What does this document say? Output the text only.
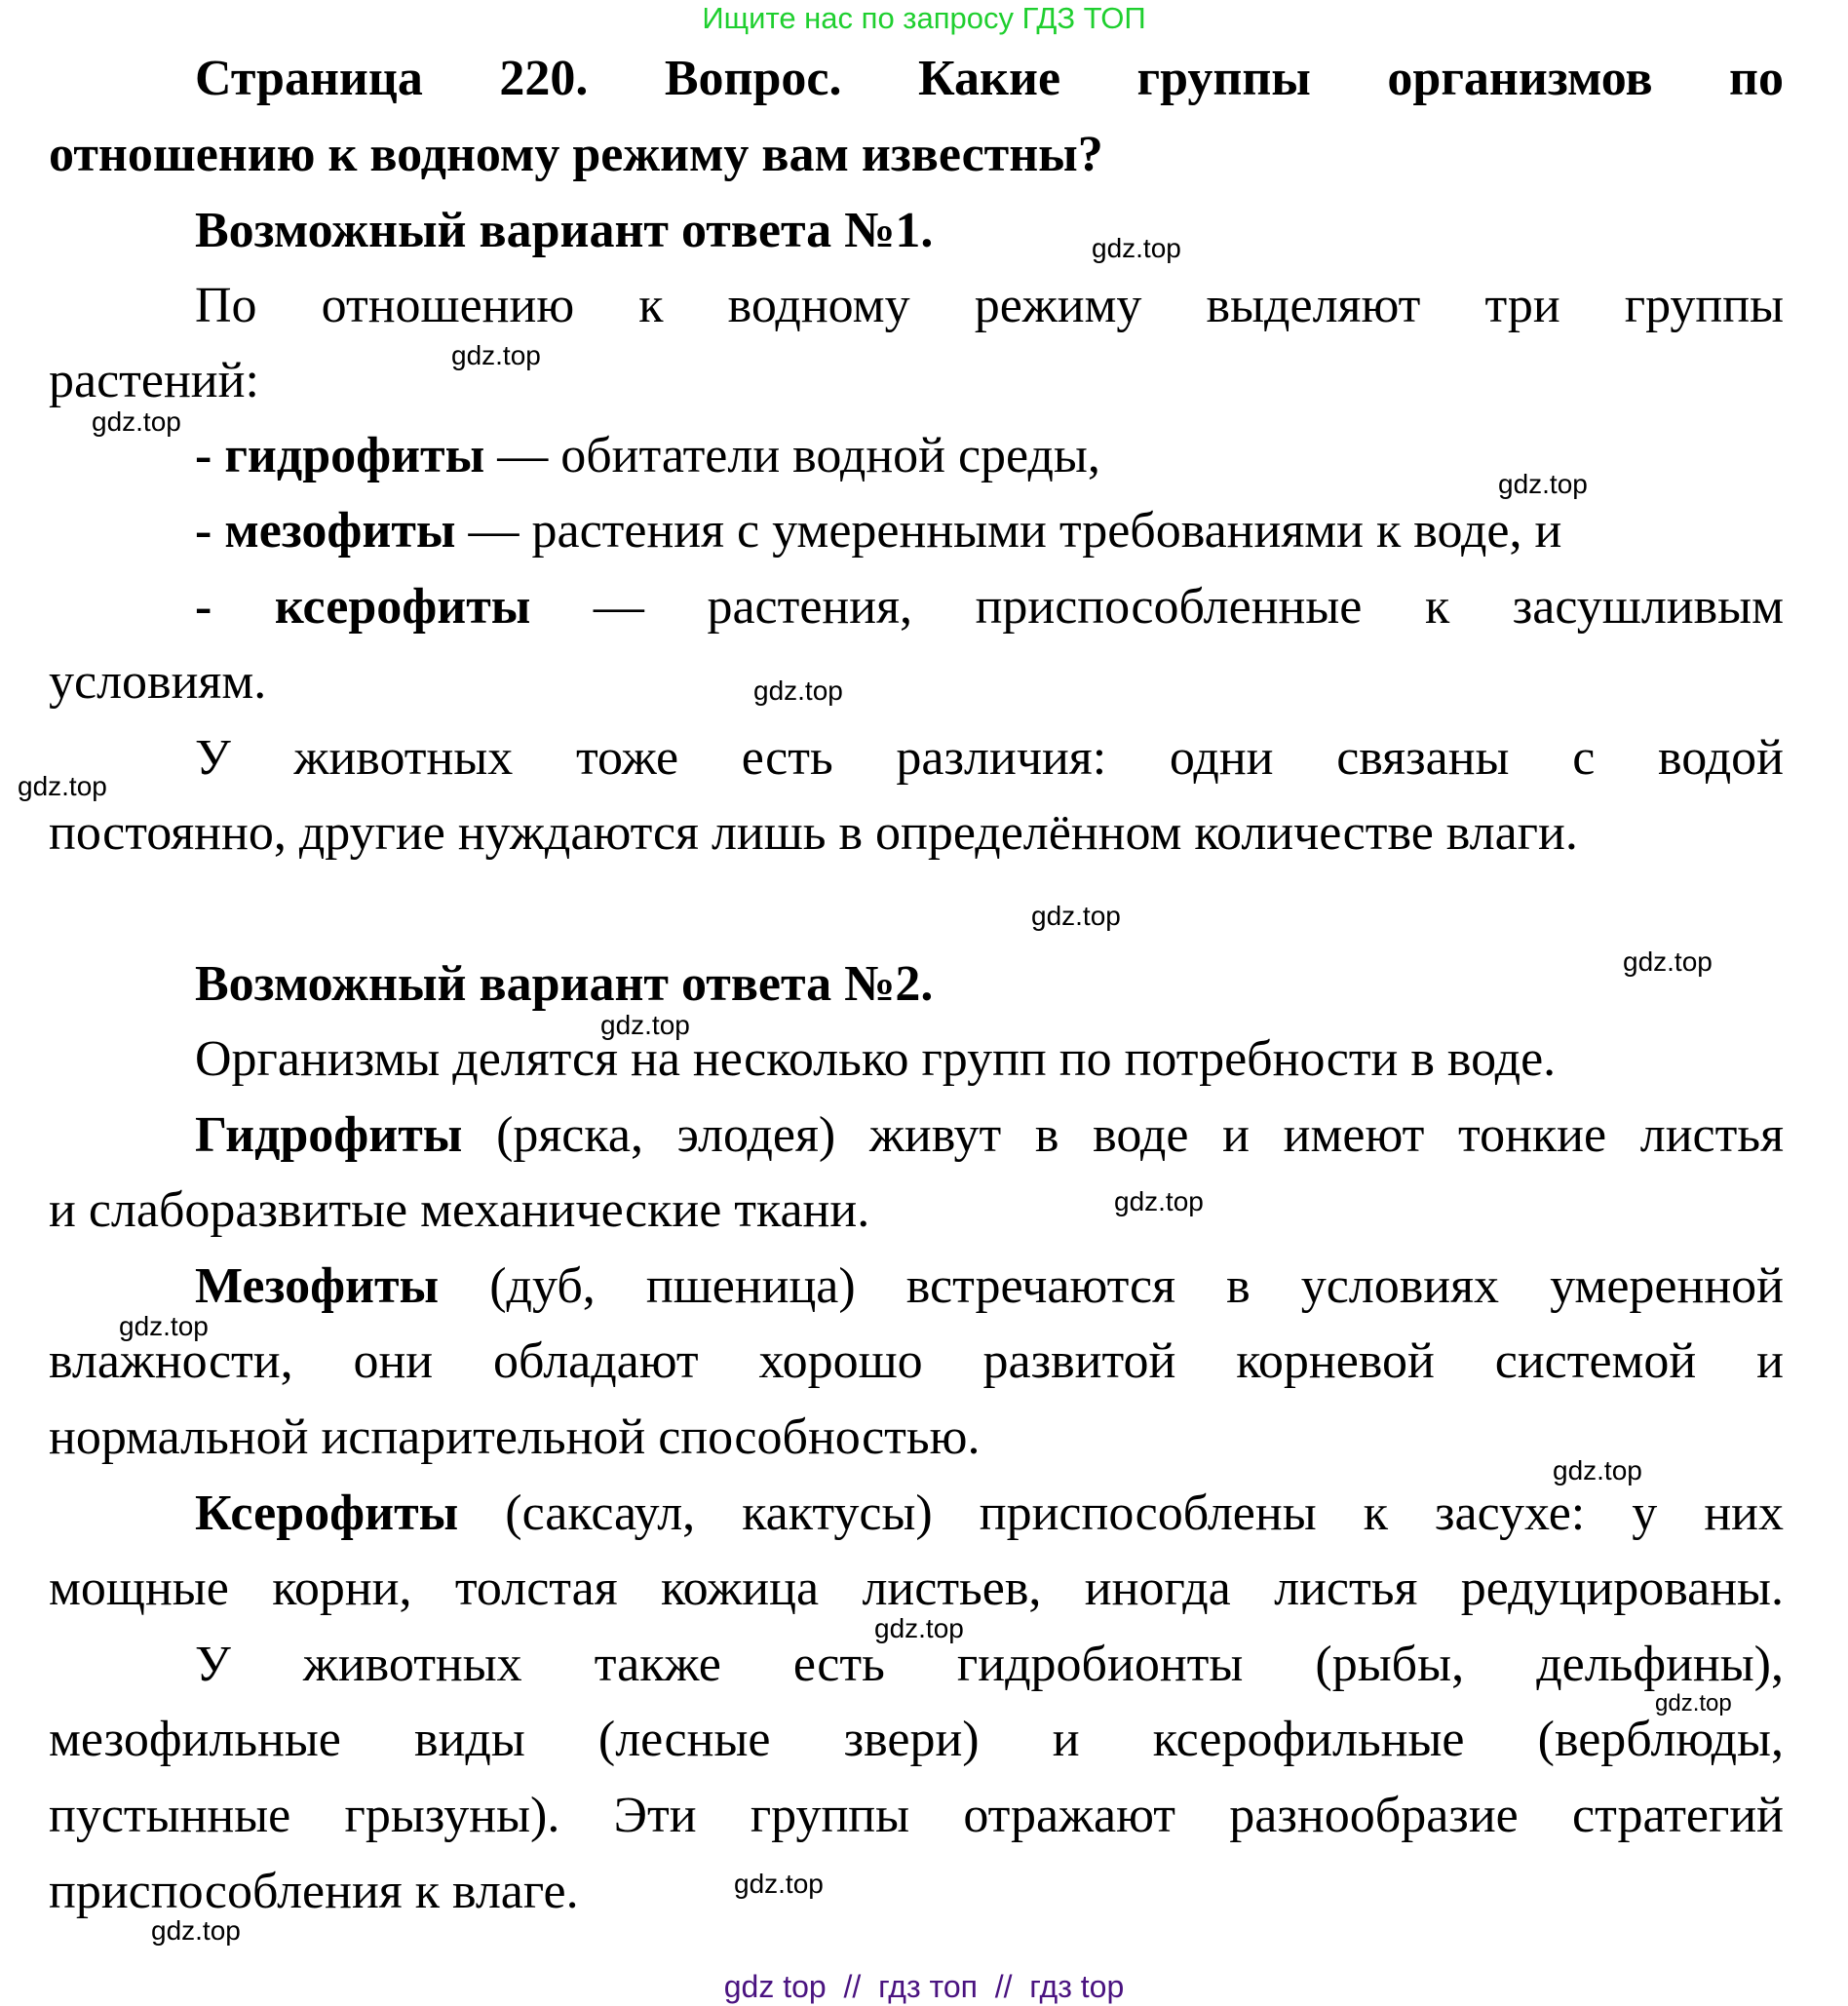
Ищите нас по запросу ГДЗ ТОП
Страница 220. Вопрос. Какие группы организмов по
отношению к водному режиму вам известны?
Возможный вариант ответа №1.
По отношению к водному режиму выделяют три группы
растений:
- гидрофиты — обитатели водной среды,
- мезофиты — растения с умеренными требованиями к воде, и
- ксерофиты — растения, приспособленные к засушливым
условиям.
У животных тоже есть различия: одни связаны с водой
постоянно, другие нуждаются лишь в определённом количестве влаги.
Возможный вариант ответа №2.
Организмы делятся на несколько групп по потребности в воде.
Гидрофиты (ряска, элодея) живут в воде и имеют тонкие листья
и слаборазвитые механические ткани.
Мезофиты (дуб, пшеница) встречаются в условиях умеренной
влажности, они обладают хорошо развитой корневой системой и
нормальной испарительной способностью.
Ксерофиты (саксаул, кактусы) приспособлены к засухе: у них
мощные корни, толстая кожица листьев, иногда листья редуцированы.
У животных также есть гидробионты (рыбы, дельфины),
мезофильные виды (лесные звери) и ксерофильные (верблюды,
пустынные грызуны). Эти группы отражают разнообразие стратегий
приспособления к влаге.
gdz.top
gdz.top
gdz.top
gdz.top
gdz.top
gdz.top
gdz.top
gdz.top
gdz.top
gdz.top
gdz.top
gdz.top
gdz.top
gdz.top
gdz.top
gdz.top
gdz top  //  гдз топ  //  гдз top
